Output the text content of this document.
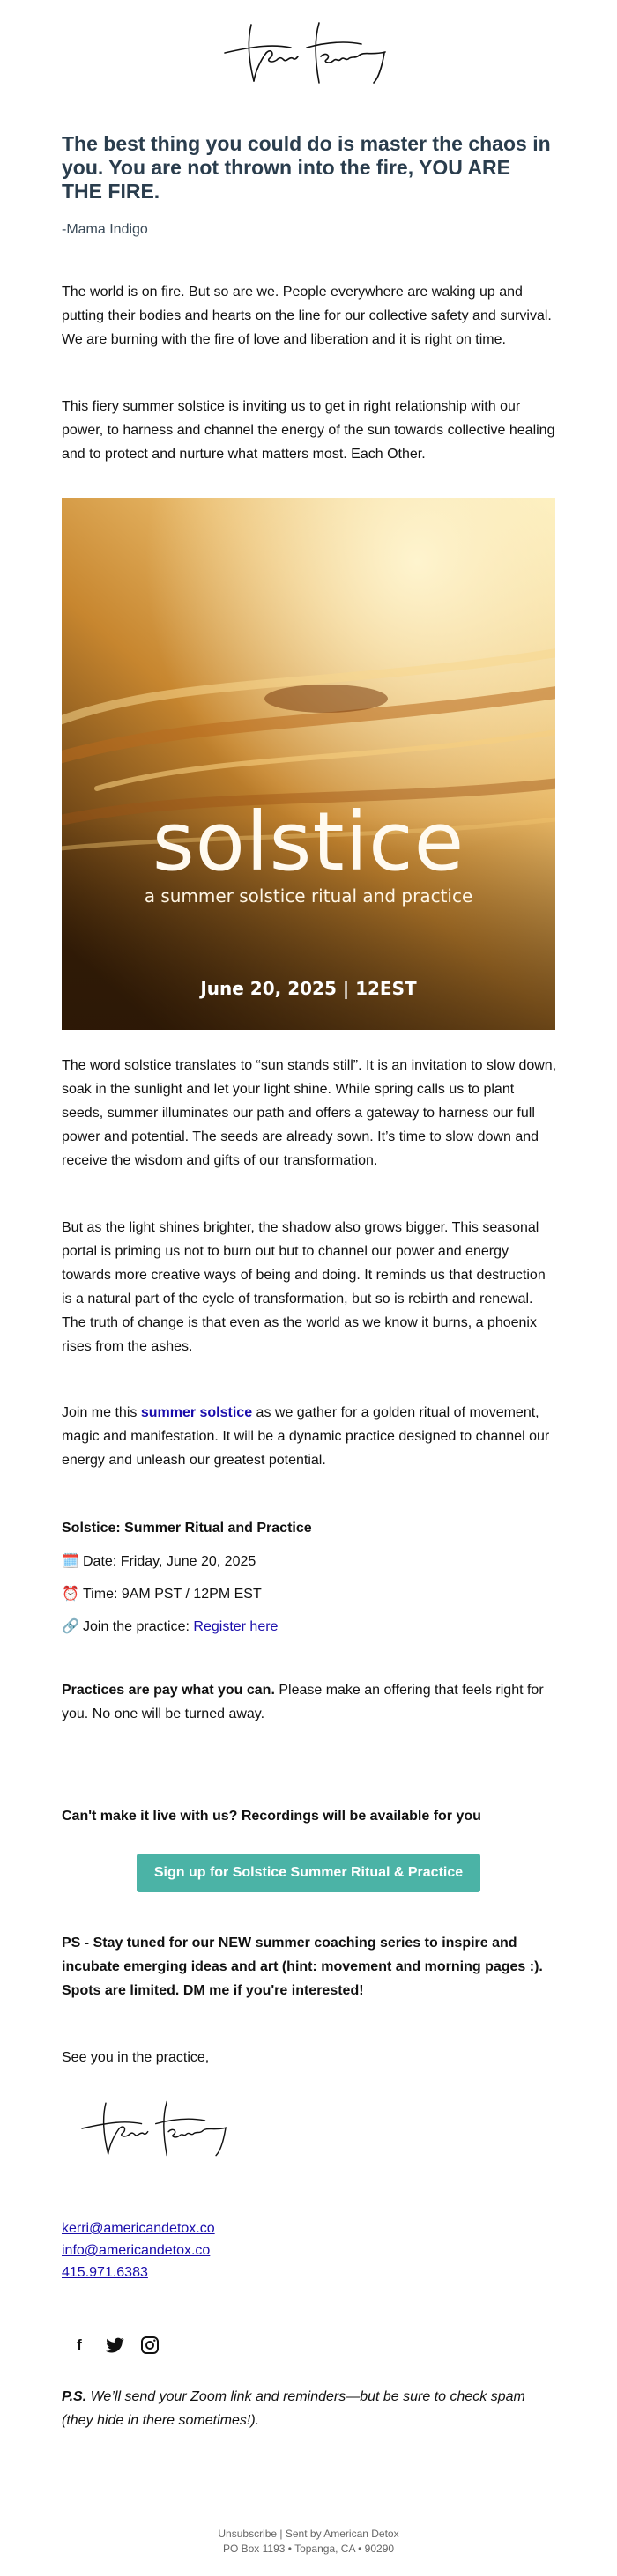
The best thing you could do is master the chaos in you. You are not thrown into the fire, YOU ARE THE FIRE.

-Mama Indigo

The world is on fire. But so are we. People everywhere are waking up and putting their bodies and hearts on the line for our collective safety and survival. We are burning with the fire of love and liberation and it is right on time.

This fiery summer solstice is inviting us to get in right relationship with our power, to harness and channel the energy of the sun towards collective healing and to protect and nurture what matters most. Each Other.

solstice
a summer solstice ritual and practice
June 20, 2025 | 12EST

The word solstice translates to “sun stands still”. It is an invitation to slow down, soak in the sunlight and let your light shine. While spring calls us to plant seeds, summer illuminates our path and offers a gateway to harness our full power and potential. The seeds are already sown. It’s time to slow down and receive the wisdom and gifts of our transformation.

But as the light shines brighter, the shadow also grows bigger. This seasonal portal is priming us not to burn out but to channel our power and energy towards more creative ways of being and doing. It reminds us that destruction is a natural part of the cycle of transformation, but so is rebirth and renewal. The truth of change is that even as the world as we know it burns, a phoenix rises from the ashes.

Join me this summer solstice as we gather for a golden ritual of movement, magic and manifestation. It will be a dynamic practice designed to channel our energy and unleash our greatest potential.

Solstice: Summer Ritual and Practice
🗓️ Date: Friday, June 20, 2025
⏰ Time: 9AM PST / 12PM EST
🔗 Join the practice: Register here

Practices are pay what you can. Please make an offering that feels right for you. No one will be turned away.

Can't make it live with us? Recordings will be available for you
Sign up for Solstice Summer Ritual & Practice

PS - Stay tuned for our NEW summer coaching series to inspire and incubate emerging ideas and art (hint: movement and morning pages :). Spots are limited. DM me if you're interested!

See you in the practice,

kerri@americandetox.co
info@americandetox.co
415.971.6383
f

P.S. We’ll send your Zoom link and reminders—but be sure to check spam (they hide in there sometimes!).

Unsubscribe | Sent by American Detox
PO Box 1193 • Topanga, CA • 90290
